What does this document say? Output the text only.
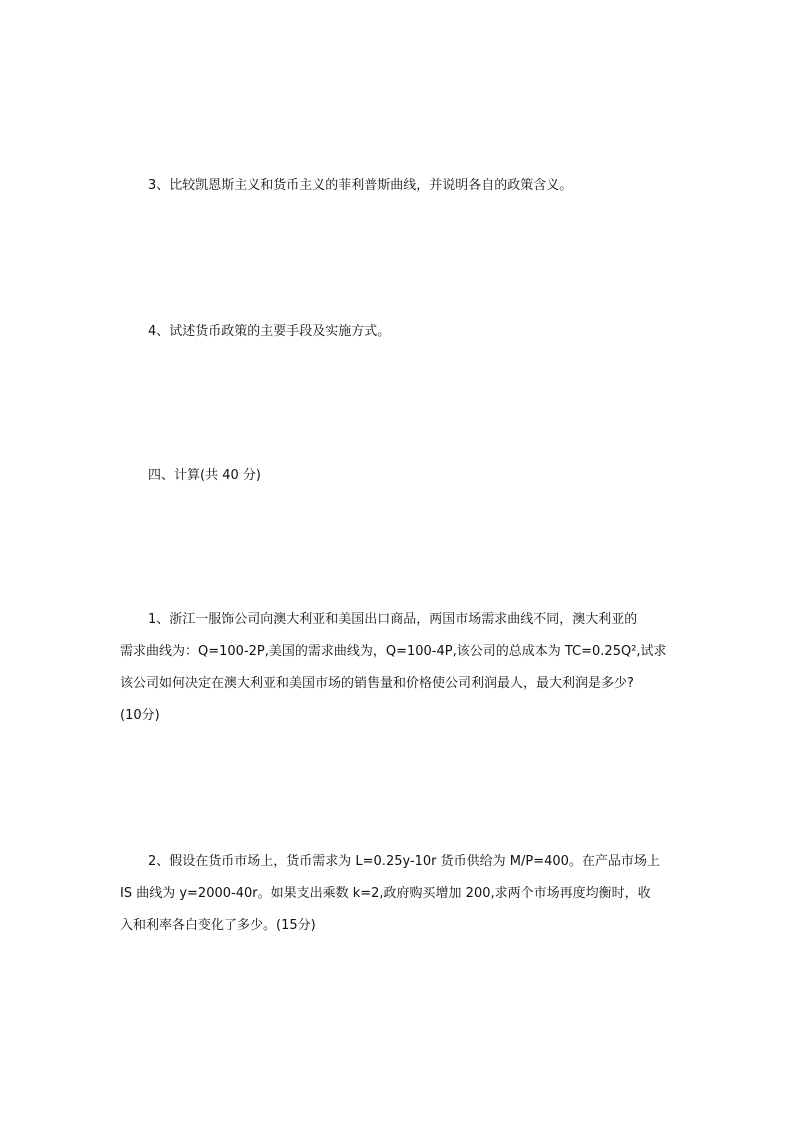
3、比较凯恩斯主义和货币主义的菲利普斯曲线，并说明各自的政策含义。

4、试述货币政策的主要手段及实施方式。

四、计算(共 40 分)

1、浙江一服饰公司向澳大利亚和美国出口商品，两国市场需求曲线不同，澳大利亚的
需求曲线为：Q=100-2P,美国的需求曲线为，Q=100-4P,该公司的总成本为 TC=0.25Q²,试求
该公司如何决定在澳大利亚和美国市场的销售量和价格使公司利润最人，最大利润是多少?
(10分)
2、假设在货币市场上，货币需求为 L=0.25y-10r 货币供给为 M/P=400。在产品市场上
IS 曲线为 y=2000-40r。如果支出乘数 k=2,政府购买增加 200,求两个市场再度均衡时，收
入和利率各白变化了多少。(15分)
